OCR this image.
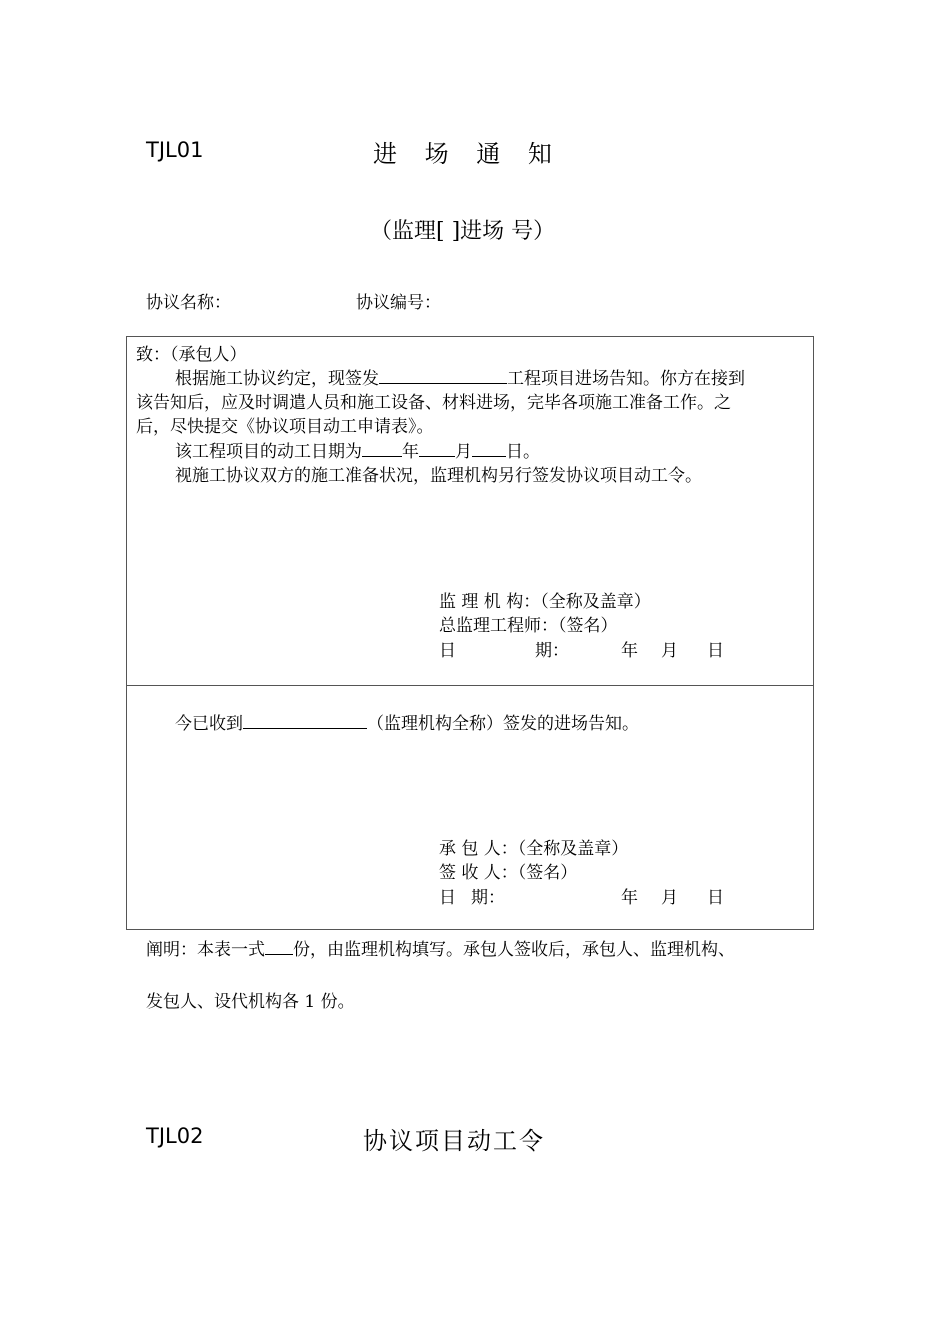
TJL01	进 场 通 知
（监理[ ]进场 号）
协议名称：	协议编号：
致：（承包人）
根据施工协议约定，现签发	工程项目进场告知。你方在接到
该告知后，应及时调遣人员和施工设备、材料进场，完毕各项施工准备工作。之
后，尽快提交《协议项目动工申请表》。
该工程项目的动工日期为 年 月 日。
视施工协议双方的施工准备状况，监理机构另行签发协议项目动工令。
监 理 机 构：（全称及盖章）
总监理工程师：（签名）
日	期：	年 月 日
今已收到	（监理机构全称）签发的进场告知。
承 包 人：（全称及盖章）
签 收 人：（签名）
日 期：	年 月 日
阐明：本表一式 份，由监理机构填写。承包人签收后，承包人、监理机构、
发包人、设代机构各 1 份。
TJL02	协议项目动工令
